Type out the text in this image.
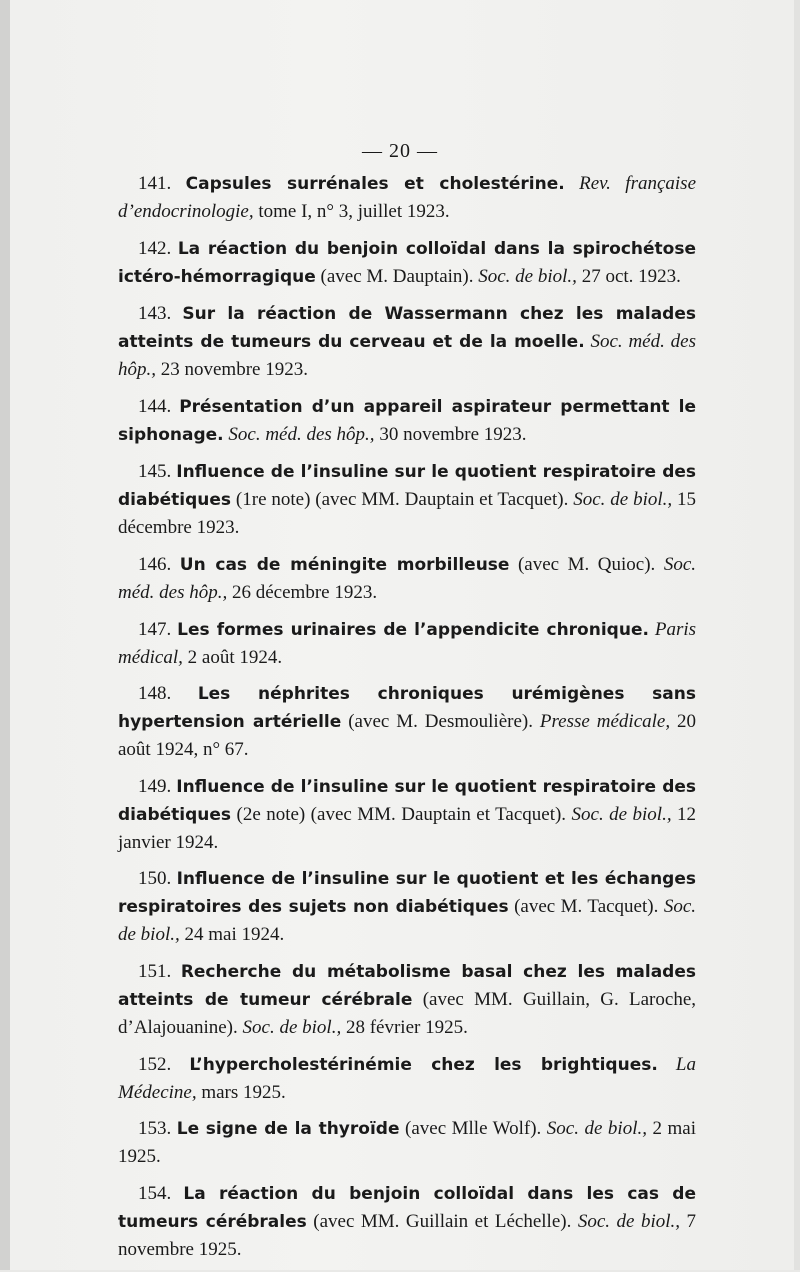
— 20 —

141. Capsules surrénales et cholestérine. Rev. française d’endocrinologie, tome I, n° 3, juillet 1923.

142. La réaction du benjoin colloïdal dans la spirochétose ictéro-hémorragique (avec M. Dauptain). Soc. de biol., 27 oct. 1923.

143. Sur la réaction de Wassermann chez les malades atteints de tumeurs du cerveau et de la moelle. Soc. méd. des hôp., 23 novembre 1923.

144. Présentation d’un appareil aspirateur permettant le siphonage. Soc. méd. des hôp., 30 novembre 1923.

145. Influence de l’insuline sur le quotient respiratoire des diabétiques (1re note) (avec MM. Dauptain et Tacquet). Soc. de biol., 15 décembre 1923.

146. Un cas de méningite morbilleuse (avec M. Quioc). Soc. méd. des hôp., 26 décembre 1923.

147. Les formes urinaires de l’appendicite chronique. Paris médical, 2 août 1924.

148. Les néphrites chroniques urémigènes sans hypertension artérielle (avec M. Desmoulière). Presse médicale, 20 août 1924, n° 67.

149. Influence de l’insuline sur le quotient respiratoire des diabétiques (2e note) (avec MM. Dauptain et Tacquet). Soc. de biol., 12 janvier 1924.

150. Influence de l’insuline sur le quotient et les échanges respiratoires des sujets non diabétiques (avec M. Tacquet). Soc. de biol., 24 mai 1924.

151. Recherche du métabolisme basal chez les malades atteints de tumeur cérébrale (avec MM. Guillain, G. Laroche, d’Alajouanine). Soc. de biol., 28 février 1925.

152. L’hypercholestérinémie chez les brightiques. La Médecine, mars 1925.

153. Le signe de la thyroïde (avec Mlle Wolf). Soc. de biol., 2 mai 1925.

154. La réaction du benjoin colloïdal dans les cas de tumeurs cérébrales (avec MM. Guillain et Léchelle). Soc. de biol., 7 novembre 1925.
